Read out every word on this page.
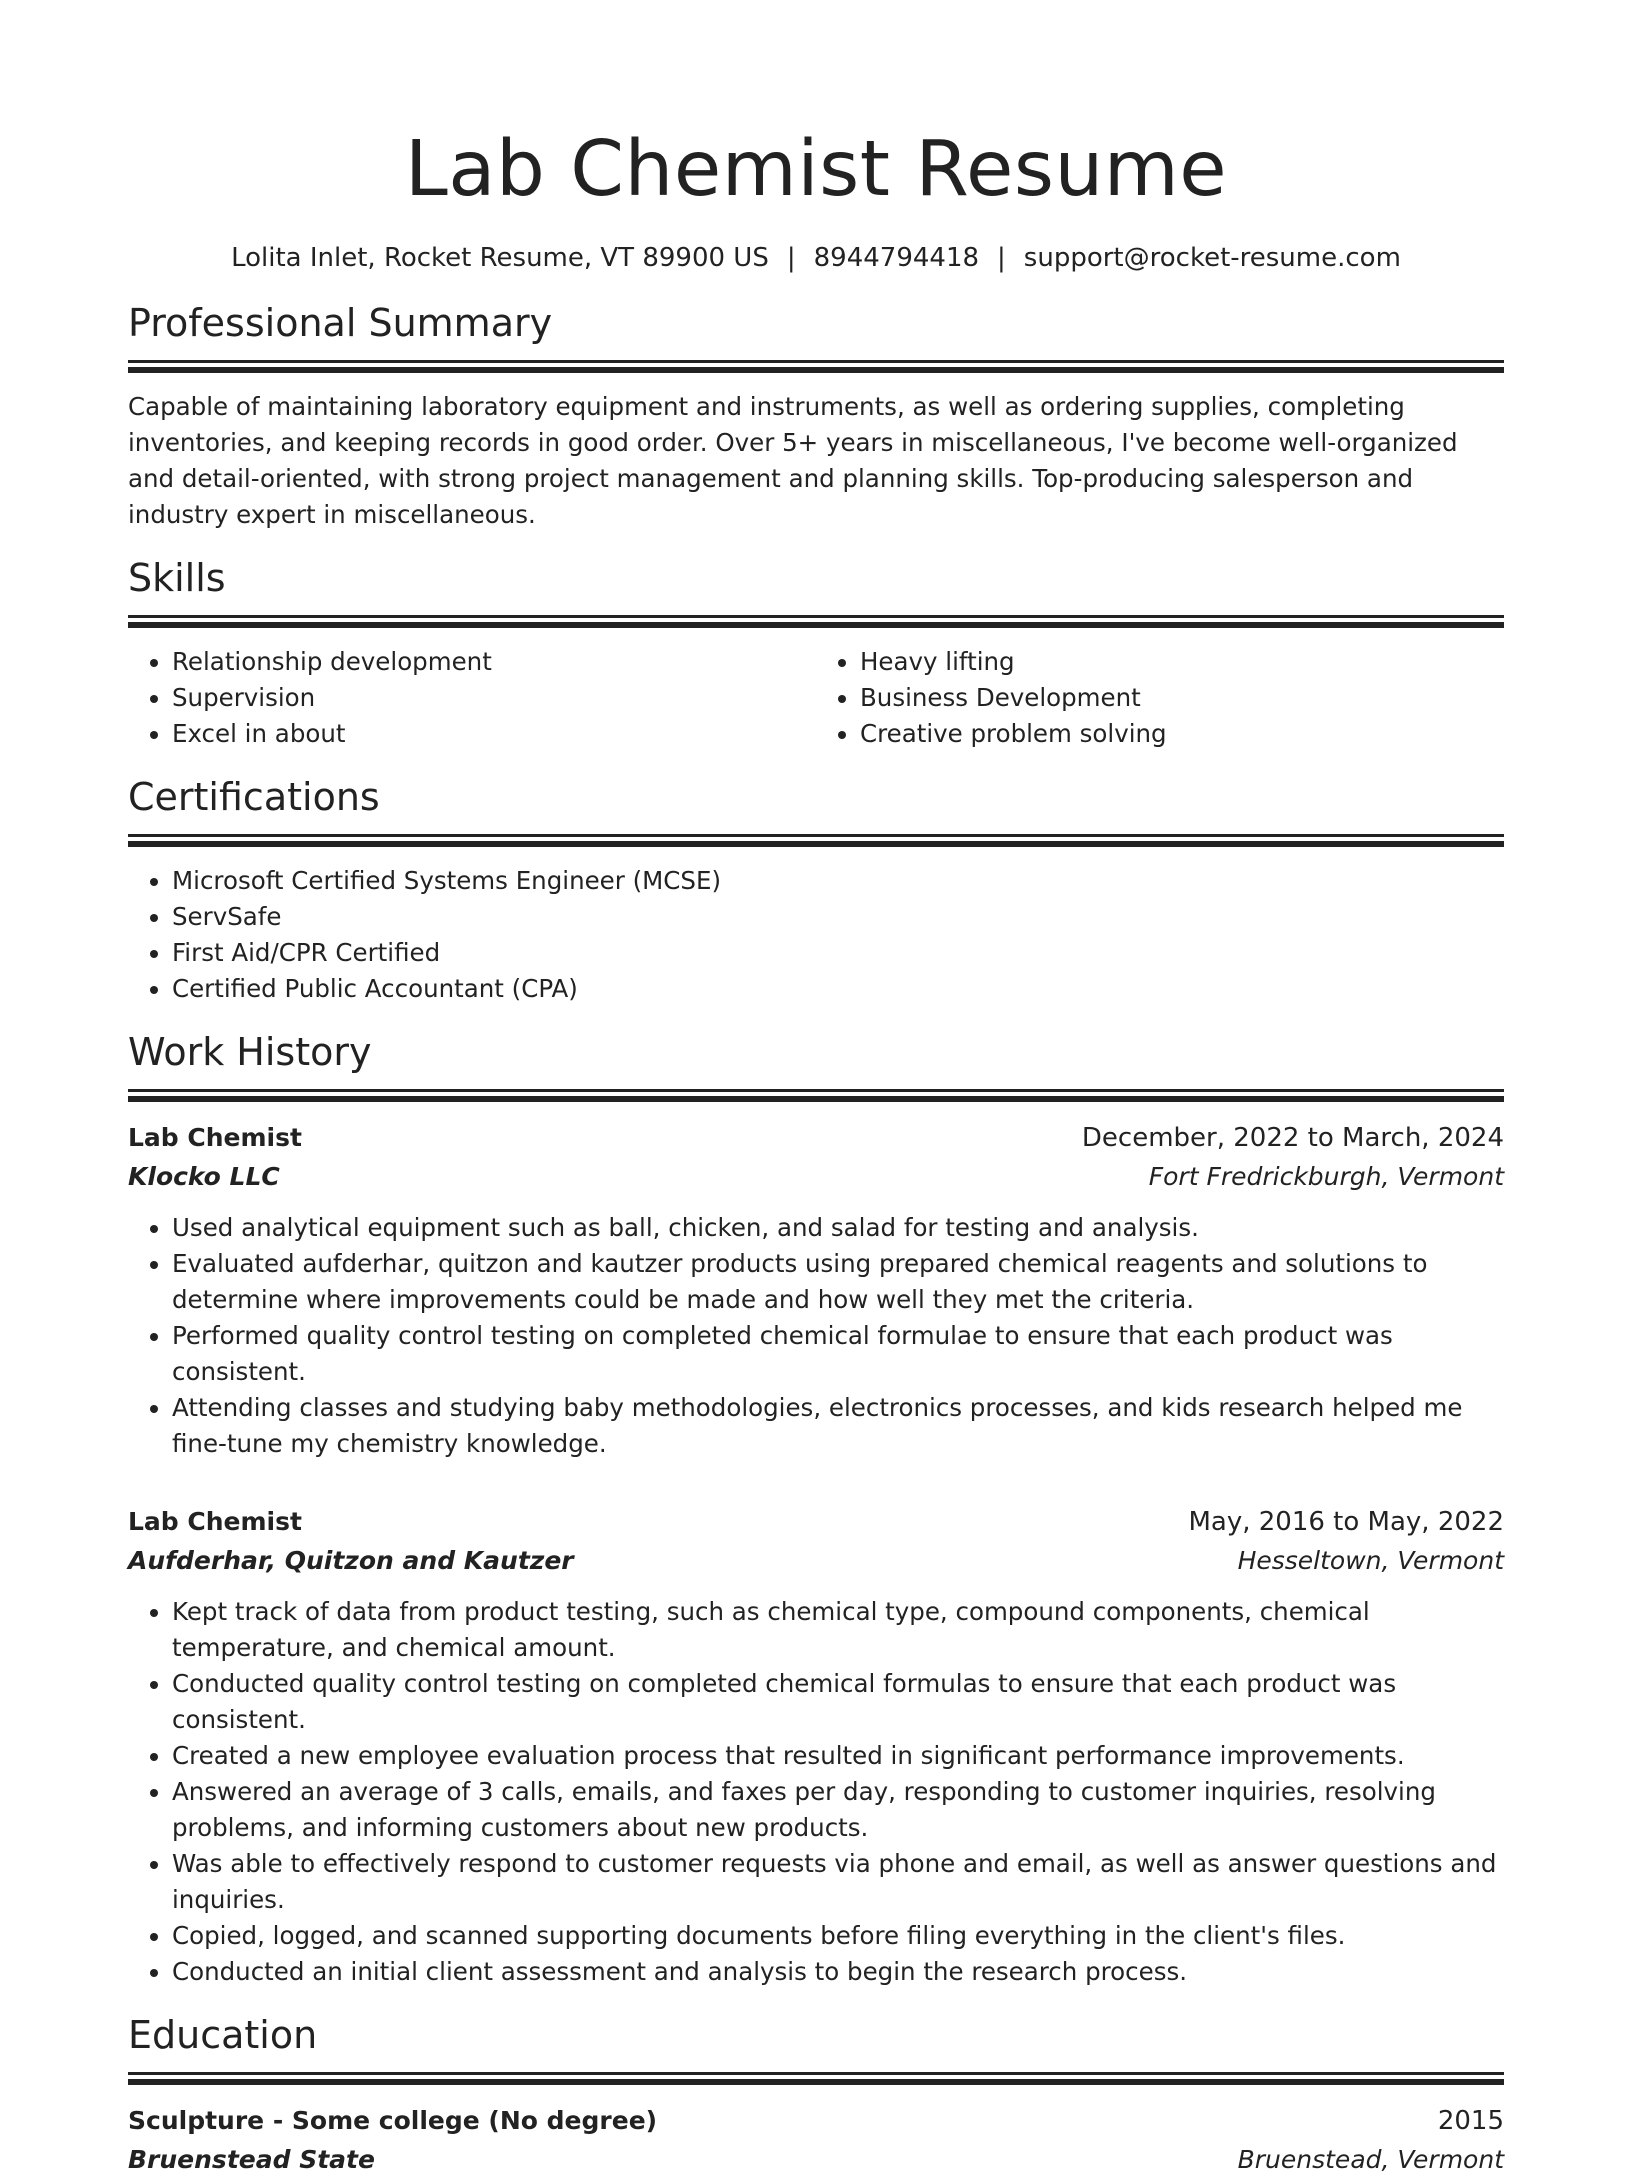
Lab Chemist Resume
Lolita Inlet, Rocket Resume, VT 89900 US | 8944794418 | support@rocket-resume.com
Professional Summary

Capable of maintaining laboratory equipment and instruments, as well as ordering supplies, completing inventories, and keeping records in good order. Over 5+ years in miscellaneous, I've become well-organized and detail-oriented, with strong project management and planning skills. Top-producing salesperson and industry expert in miscellaneous.

Skills
• Relationship development
• Supervision
• Excel in about
• Heavy lifting
• Business Development
• Creative problem solving
Certifications
• Microsoft Certified Systems Engineer (MCSE)
• ServSafe
• First Aid/CPR Certified
• Certified Public Accountant (CPA)
Work History
Lab Chemist	December, 2022 to March, 2024
Klocko LLC	Fort Fredrickburgh, Vermont
• Used analytical equipment such as ball, chicken, and salad for testing and analysis.
• Evaluated aufderhar, quitzon and kautzer products using prepared chemical reagents and solutions to determine where improvements could be made and how well they met the criteria.
• Performed quality control testing on completed chemical formulae to ensure that each product was consistent.
• Attending classes and studying baby methodologies, electronics processes, and kids research helped me fine-tune my chemistry knowledge.
Lab Chemist	May, 2016 to May, 2022
Aufderhar, Quitzon and Kautzer	Hesseltown, Vermont
• Kept track of data from product testing, such as chemical type, compound components, chemical temperature, and chemical amount.
• Conducted quality control testing on completed chemical formulas to ensure that each product was consistent.
• Created a new employee evaluation process that resulted in significant performance improvements.
• Answered an average of 3 calls, emails, and faxes per day, responding to customer inquiries, resolving problems, and informing customers about new products.
• Was able to effectively respond to customer requests via phone and email, as well as answer questions and inquiries.
• Copied, logged, and scanned supporting documents before filing everything in the client's files.
• Conducted an initial client assessment and analysis to begin the research process.
Education
Sculpture - Some college (No degree)	2015
Bruenstead State	Bruenstead, Vermont
